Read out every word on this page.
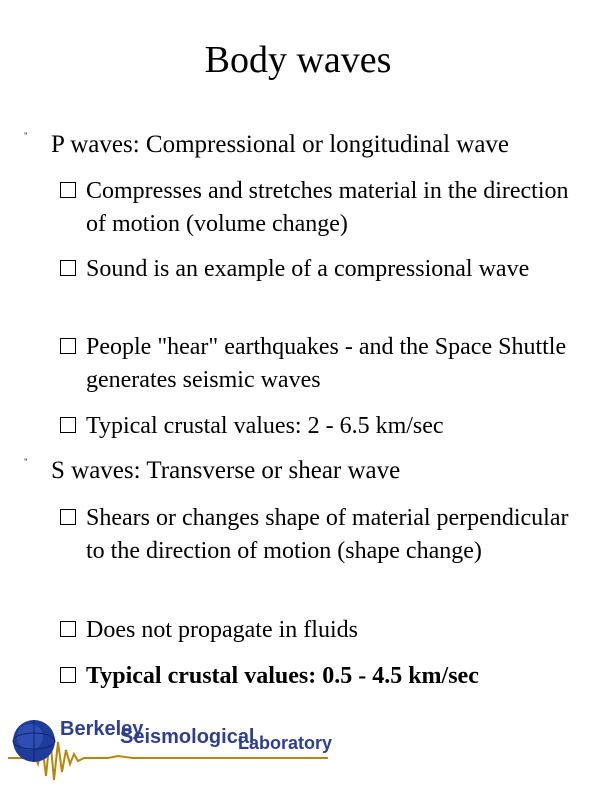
Body waves
" P waves: Compressional or longitudinal wave
Compresses and stretches material in the direction of motion (volume change)
Sound is an example of a compressional wave
People "hear" earthquakes - and the Space Shuttle generates seismic waves
Typical crustal values: 2 - 6.5 km/sec
" S waves: Transverse or shear wave
Shears or changes shape of material perpendicular to the direction of motion (shape change)
Does not propagate in fluids
Typical crustal values: 0.5 - 4.5 km/sec
Berkeley
Seismological
Laboratory
